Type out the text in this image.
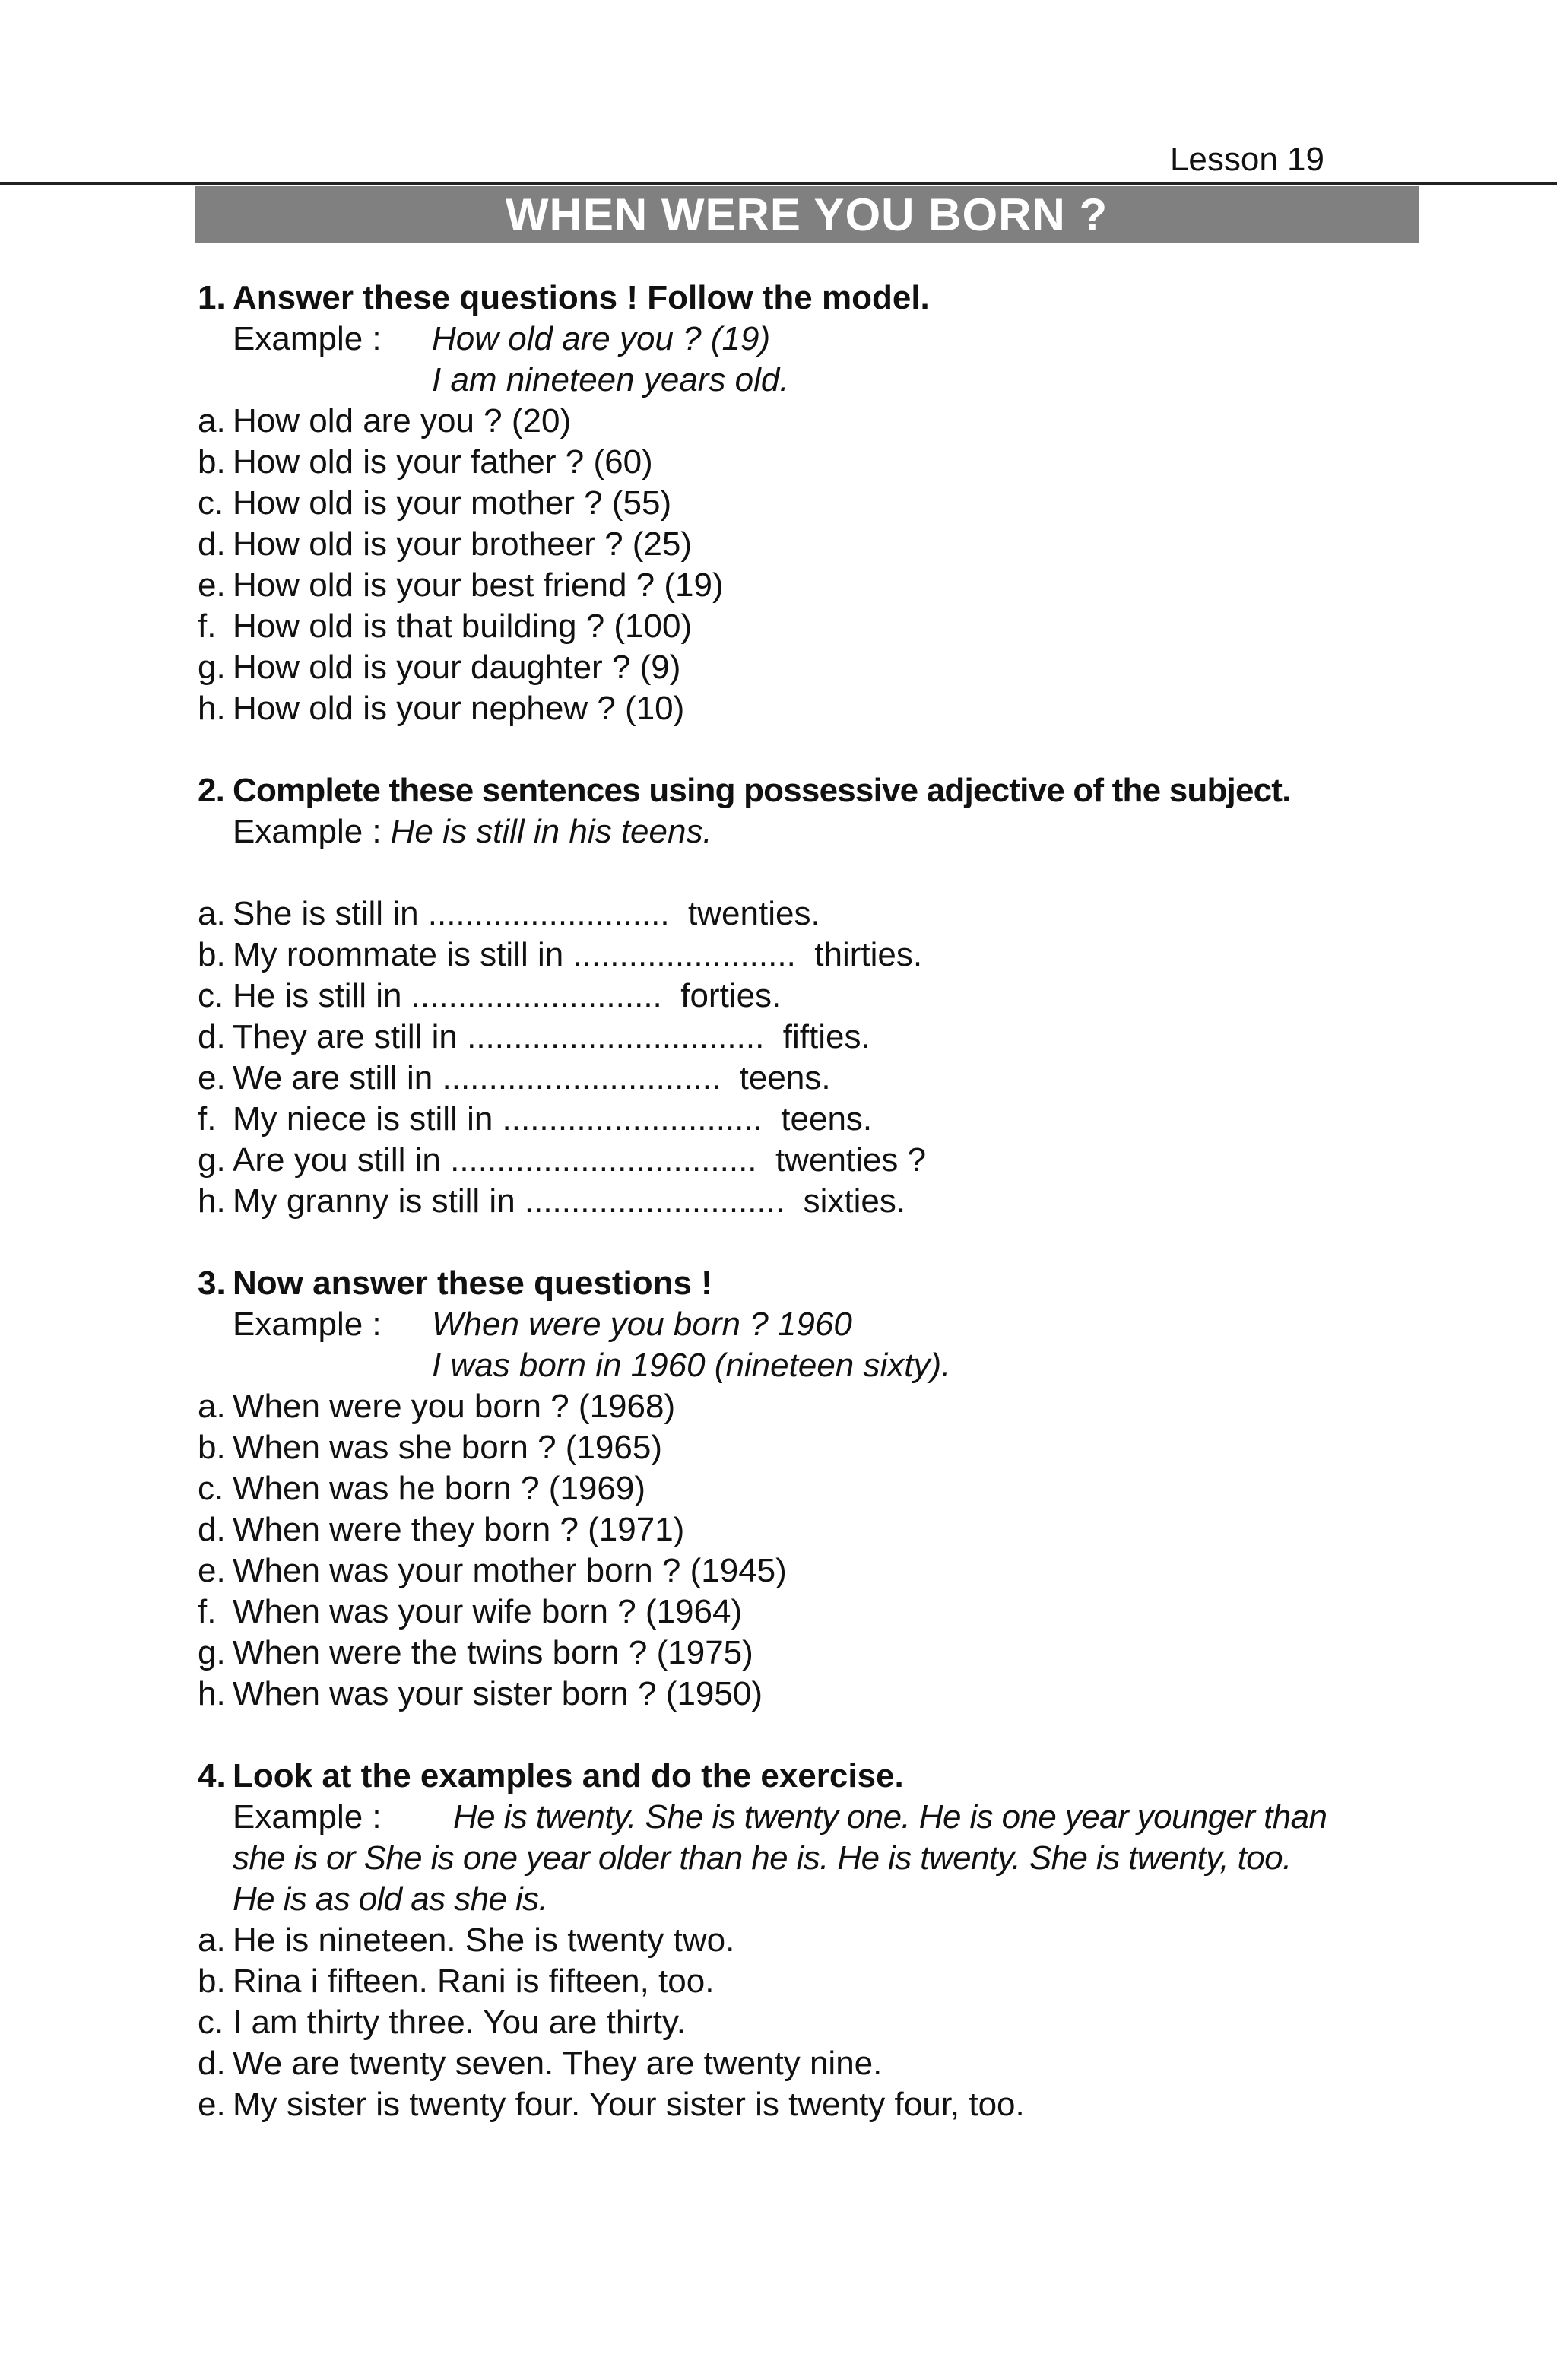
Lesson 19
WHEN WERE YOU BORN ?
1. Answer these questions ! Follow the model.
Example :	How old are you ? (19)
I am nineteen years old.
a. How old are you ? (20)
b. How old is your father ? (60)
c. How old is your mother ? (55)
d. How old is your brotheer ? (25)
e. How old is your best friend ? (19)
f. How old is that building ? (100)
g. How old is your daughter ? (9)
h. How old is your nephew ? (10)
2. Complete these sentences using possessive adjective of the subject.
Example : He is still in his teens.
a. She is still in ..........................  twenties.
b. My roommate is still in ........................  thirties.
c. He is still in ...........................  forties.
d. They are still in ................................  fifties.
e. We are still in ..............................  teens.
f. My niece is still in ............................  teens.
g. Are you still in .................................  twenties ?
h. My granny is still in ............................  sixties.
3. Now answer these questions !
Example :	When were you born ? 1960
I was born in 1960 (nineteen sixty).
a. When were you born ? (1968)
b. When was she born ? (1965)
c. When was he born ? (1969)
d. When were they born ? (1971)
e. When was your mother born ? (1945)
f. When was your wife born ? (1964)
g. When were the twins born ? (1975)
h. When was your sister born ? (1950)
4. Look at the examples and do the exercise.
Example :	He is twenty. She is twenty one. He is one year younger than
she is or She is one year older than he is. He is twenty. She is twenty, too.
He is as old as she is.
a. He is nineteen. She is twenty two.
b. Rina i fifteen. Rani is fifteen, too.
c. I am thirty three. You are thirty.
d. We are twenty seven. They are twenty nine.
e. My sister is twenty four. Your sister is twenty four, too.
